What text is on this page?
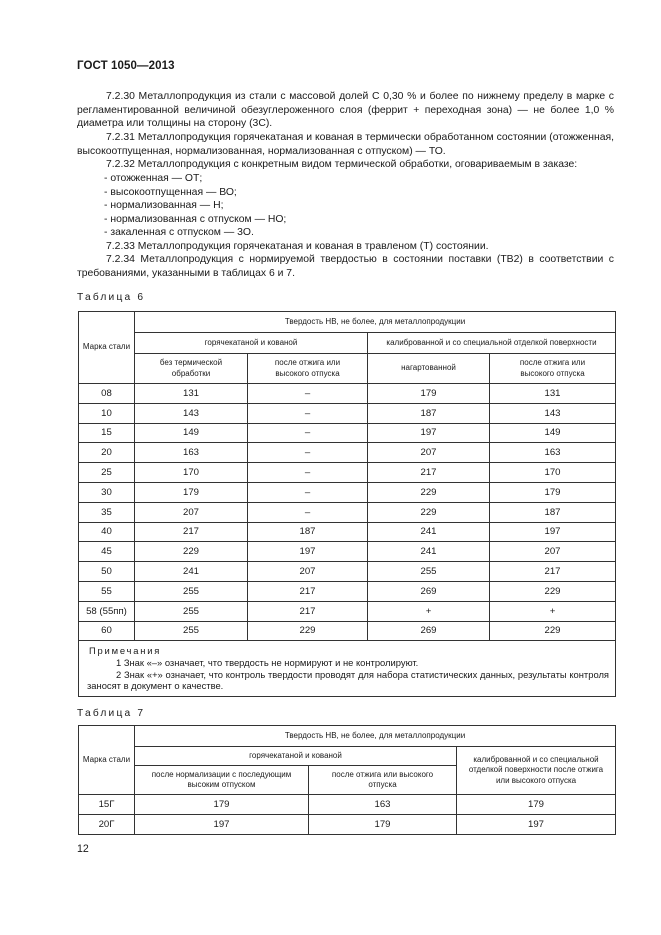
ГОСТ 1050—2013
7.2.30 Металлопродукция из стали с массовой долей С 0,30 % и более по нижнему пределу в марке с регламентированной величиной обезуглероженного слоя (феррит + переходная зона) — не более 1,0 % диаметра или толщины на сторону (3С).
7.2.31 Металлопродукция горячекатаная и кованая в термически обработанном состоянии (отожженная, высокоотпущенная, нормализованная, нормализованная с отпуском) — ТО.
7.2.32 Металлопродукция с конкретным видом термической обработки, оговариваемым в заказе:
- отожженная — ОТ;
- высокоотпущенная — ВО;
- нормализованная — Н;
- нормализованная с отпуском — НО;
- закаленная с отпуском — 3О.
7.2.33 Металлопродукция горячекатаная и кованая в травленом (Т) состоянии.
7.2.34 Металлопродукция с нормируемой твердостью в состоянии поставки (ТВ2) в соответствии с требованиями, указанными в таблицах 6 и 7.
Таблица 6
Марка стали	Твердость НВ, не более, для металлопродукции			
	горячекатаной и кованой		калиброванной и со специальной отделкой поверхности	
	без термической обработки	после отжига или высокого отпуска	нагартованной	после отжига или высокого отпуска
08	131	–	179	131
10	143	–	187	143
15	149	–	197	149
20	163	–	207	163
25	170	–	217	170
30	179	–	229	179
35	207	–	229	187
40	217	187	241	197
45	229	197	241	207
50	241	207	255	217
55	255	217	269	229
58 (55пп)	255	217	+	+
60	255	229	269	229

Примечания
1 Знак «–» означает, что твердость не нормируют и не контролируют.
2 Знак «+» означает, что контроль твердости проводят для набора статистических данных, результаты контроля заносят в документ о качестве.				
Таблица 7
Марка стали	Твердость НВ, не более, для металлопродукции		
	горячекатаной и кованой		калиброванной и со специальной отделкой поверхности после отжига или высокого отпуска
	после нормализации с последующим высоким отпуском	после отжига или высокого отпуска	
15Г	179	163	179
20Г	197	179	197
12
